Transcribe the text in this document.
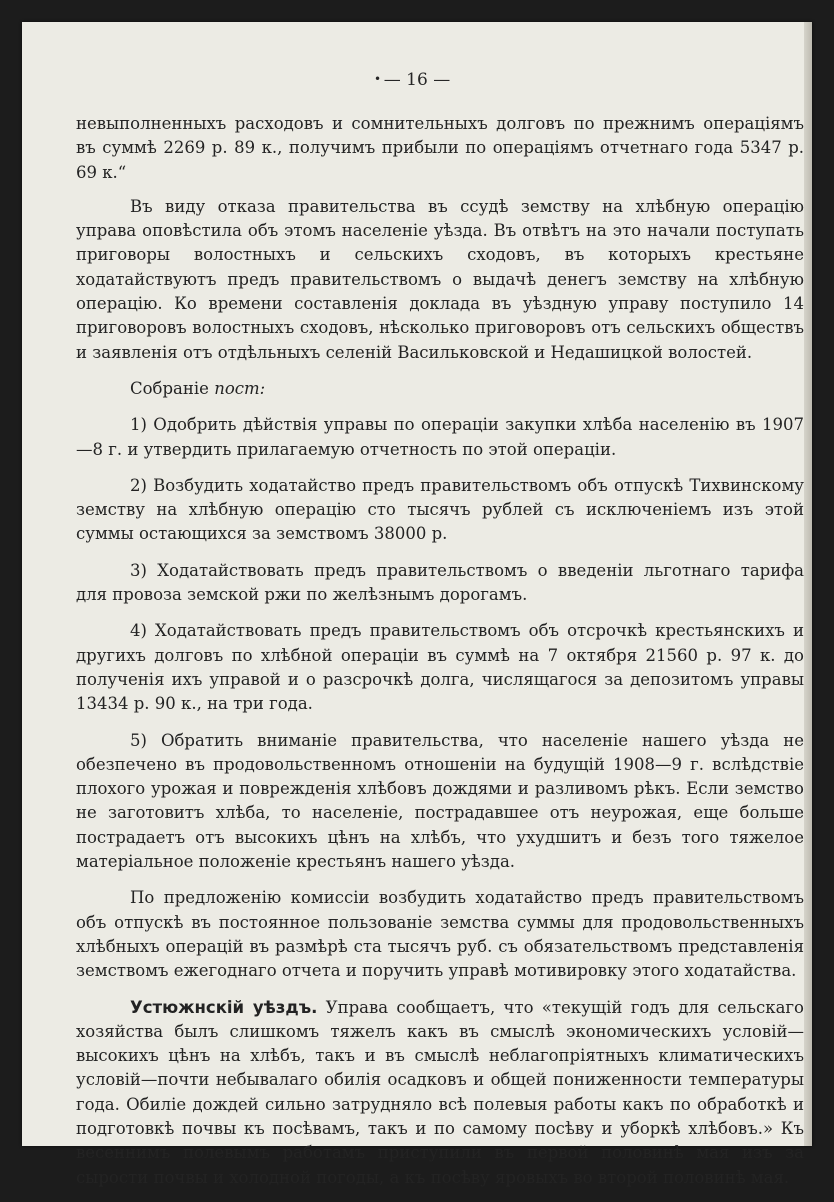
• — 16 —

невыполненныхъ расходовъ и сомнительныхъ долговъ по прежнимъ операціямъ въ суммѣ 2269 р. 89 к., получимъ прибыли по операціямъ отчетнаго года 5347 р. 69 к.“

Въ виду отказа правительства въ ссудѣ земству на хлѣбную операцію управа оповѣстила объ этомъ населеніе уѣзда. Въ отвѣтъ на это начали поступать приговоры волостныхъ и сельскихъ сходовъ, въ которыхъ крестьяне ходатайствуютъ предъ правительствомъ о выдачѣ денегъ земству на хлѣбную операцію. Ко времени составленія доклада въ уѣздную управу поступило 14 приговоровъ волостныхъ сходовъ, нѣсколько приговоровъ отъ сельскихъ обществъ и заявленія отъ отдѣльныхъ селеній Васильковской и Недашицкой волостей.

Собраніе пост:

1) Одобрить дѣйствія управы по операціи закупки хлѣба населенію въ 1907—8 г. и утвердить прилагаемую отчетность по этой операціи.

2) Возбудить ходатайство предъ правительствомъ объ отпускѣ Тихвинскому земству на хлѣбную операцію сто тысячъ рублей съ исключеніемъ изъ этой суммы остающихся за земствомъ 38000 р.

3) Ходатайствовать предъ правительствомъ о введеніи льготнаго тарифа для провоза земской ржи по желѣзнымъ дорогамъ.

4) Ходатайствовать предъ правительствомъ объ отсрочкѣ крестьянскихъ и другихъ долговъ по хлѣбной операціи въ суммѣ на 7 октября 21560 р. 97 к. до полученія ихъ управой и о разсрочкѣ долга, числящагося за депозитомъ управы 13434 р. 90 к., на три года.

5) Обратить вниманіе правительства, что населеніе нашего уѣзда не обезпечено въ продовольственномъ отношеніи на будущій 1908—9 г. вслѣдствіе плохого урожая и поврежденія хлѣбовъ дождями и разливомъ рѣкъ. Если земство не заготовитъ хлѣба, то населеніе, пострадавшее отъ неурожая, еще больше пострадаетъ отъ высокихъ цѣнъ на хлѣбъ, что ухудшитъ и безъ того тяжелое матеріальное положеніе крестьянъ нашего уѣзда.

По предложенію комиссіи возбудить ходатайство предъ правительствомъ объ отпускѣ въ постоянное пользованіе земства суммы для продовольственныхъ хлѣбныхъ операцій въ размѣрѣ ста тысячъ руб. съ обязательствомъ представленія земствомъ ежегоднаго отчета и поручить управѣ мотивировку этого ходатайства.

Устюжнскій уѣздъ. Управа сообщаетъ, что «текущій годъ для сельскаго хозяйства былъ слишкомъ тяжелъ какъ въ смыслѣ экономическихъ условій—высокихъ цѣнъ на хлѣбъ, такъ и въ смыслѣ неблагопріятныхъ климатическихъ условій—почти небывалаго обилія осадковъ и общей пониженности температуры года. Обиліе дождей сильно затрудняло всѣ полевыя работы какъ по обработкѣ и подготовкѣ почвы къ посѣвамъ, такъ и по самому посѣву и уборкѣ хлѣбовъ.» Къ весеннимъ полевымъ работамъ приступили въ первой половинѣ мая изъ за сырости почвы и холодной погоды, а къ посѣву яровыхъ во второй половинѣ мая.
